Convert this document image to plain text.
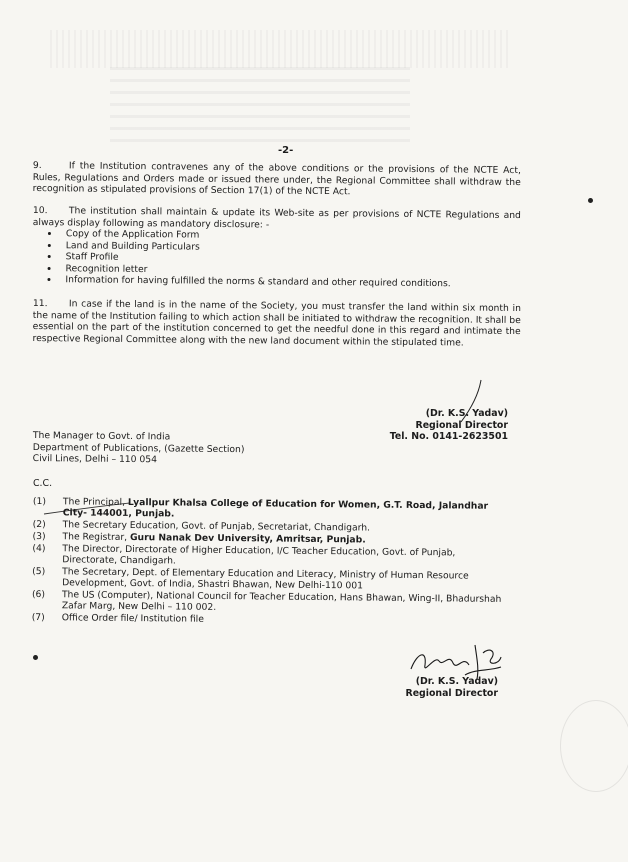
-2-

9.	If the Institution contravenes any of the above conditions or the provisions of the NCTE Act, Rules, Regulations and Orders made or issued there under, the Regional Committee shall withdraw the recognition as stipulated provisions of Section 17(1) of the NCTE Act.

10. The institution shall maintain & update its Web-site as per provisions of NCTE Regulations and always display following as mandatory disclosure: -

• Copy of the Application Form
• Land and Building Particulars
• Staff Profile
• Recognition letter
• Information for having fulfilled the norms & standard and other required conditions.

11. In case if the land is in the name of the Society, you must transfer the land within six month in the name of the Institution failing to which action shall be initiated to withdraw the recognition. It shall be essential on the part of the institution concerned to get the needful done in this regard and intimate the respective Regional Committee along with the new land document within the stipulated time.

(Dr. K.S. Yadav)
Regional Director
Tel. No. 0141-2623501
The Manager to Govt. of India
Department of Publications, (Gazette Section)
Civil Lines, Delhi – 110 054

C.C.

(1) The Principal, Lyallpur Khalsa College of Education for Women, G.T. Road, Jalandhar City- 144001, Punjab.
(2) The Secretary Education, Govt. of Punjab, Secretariat, Chandigarh.
(3) The Registrar, Guru Nanak Dev University, Amritsar, Punjab.
(4) The Director, Directorate of Higher Education, I/C Teacher Education, Govt. of Punjab, Directorate, Chandigarh.
(5) The Secretary, Dept. of Elementary Education and Literacy, Ministry of Human Resource Development, Govt. of India, Shastri Bhawan, New Delhi-110 001
(6) The US (Computer), National Council for Teacher Education, Hans Bhawan, Wing-II, Bhadurshah Zafar Marg, New Delhi – 110 002.
(7) Office Order file/ Institution file
(Dr. K.S. Yadav)
Regional Director
